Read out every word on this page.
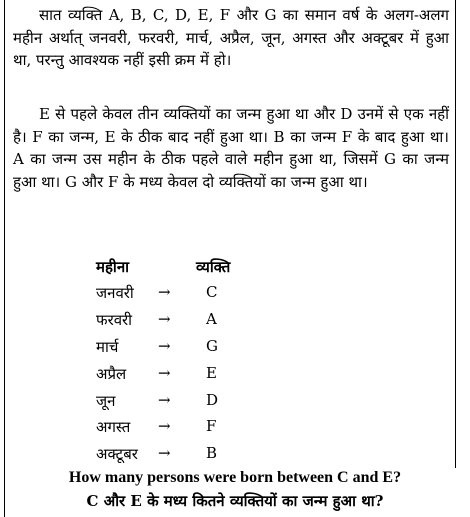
सात व्यक्ति A, B, C, D, E, F और G का समान वर्ष के अलग-अलग महीन अर्थात् जनवरी, फरवरी, मार्च, अप्रैल, जून, अगस्त और अक्टूबर में हुआ था, परन्तु आवश्यक नहीं इसी क्रम में हो।

E से पहले केवल तीन व्यक्तियों का जन्म हुआ था और D उनमें से एक नहीं है। F का जन्म, E के ठीक बाद नहीं हुआ था। B का जन्म F के बाद हुआ था। A का जन्म उस महीन के ठीक पहले वाले महीन हुआ था, जिसमें G का जन्म हुआ था। G और F के मध्य केवल दो व्यक्तियों का जन्म हुआ था।

महीना	व्यक्ति
जनवरी → C
फरवरी → A
मार्च	→ G
अप्रैल → E
जून	→ D
अगस्त → F
अक्टूबर → B
How many persons were born between C and E?
C और E के मध्य कितने व्यक्तियों का जन्म हुआ था?
